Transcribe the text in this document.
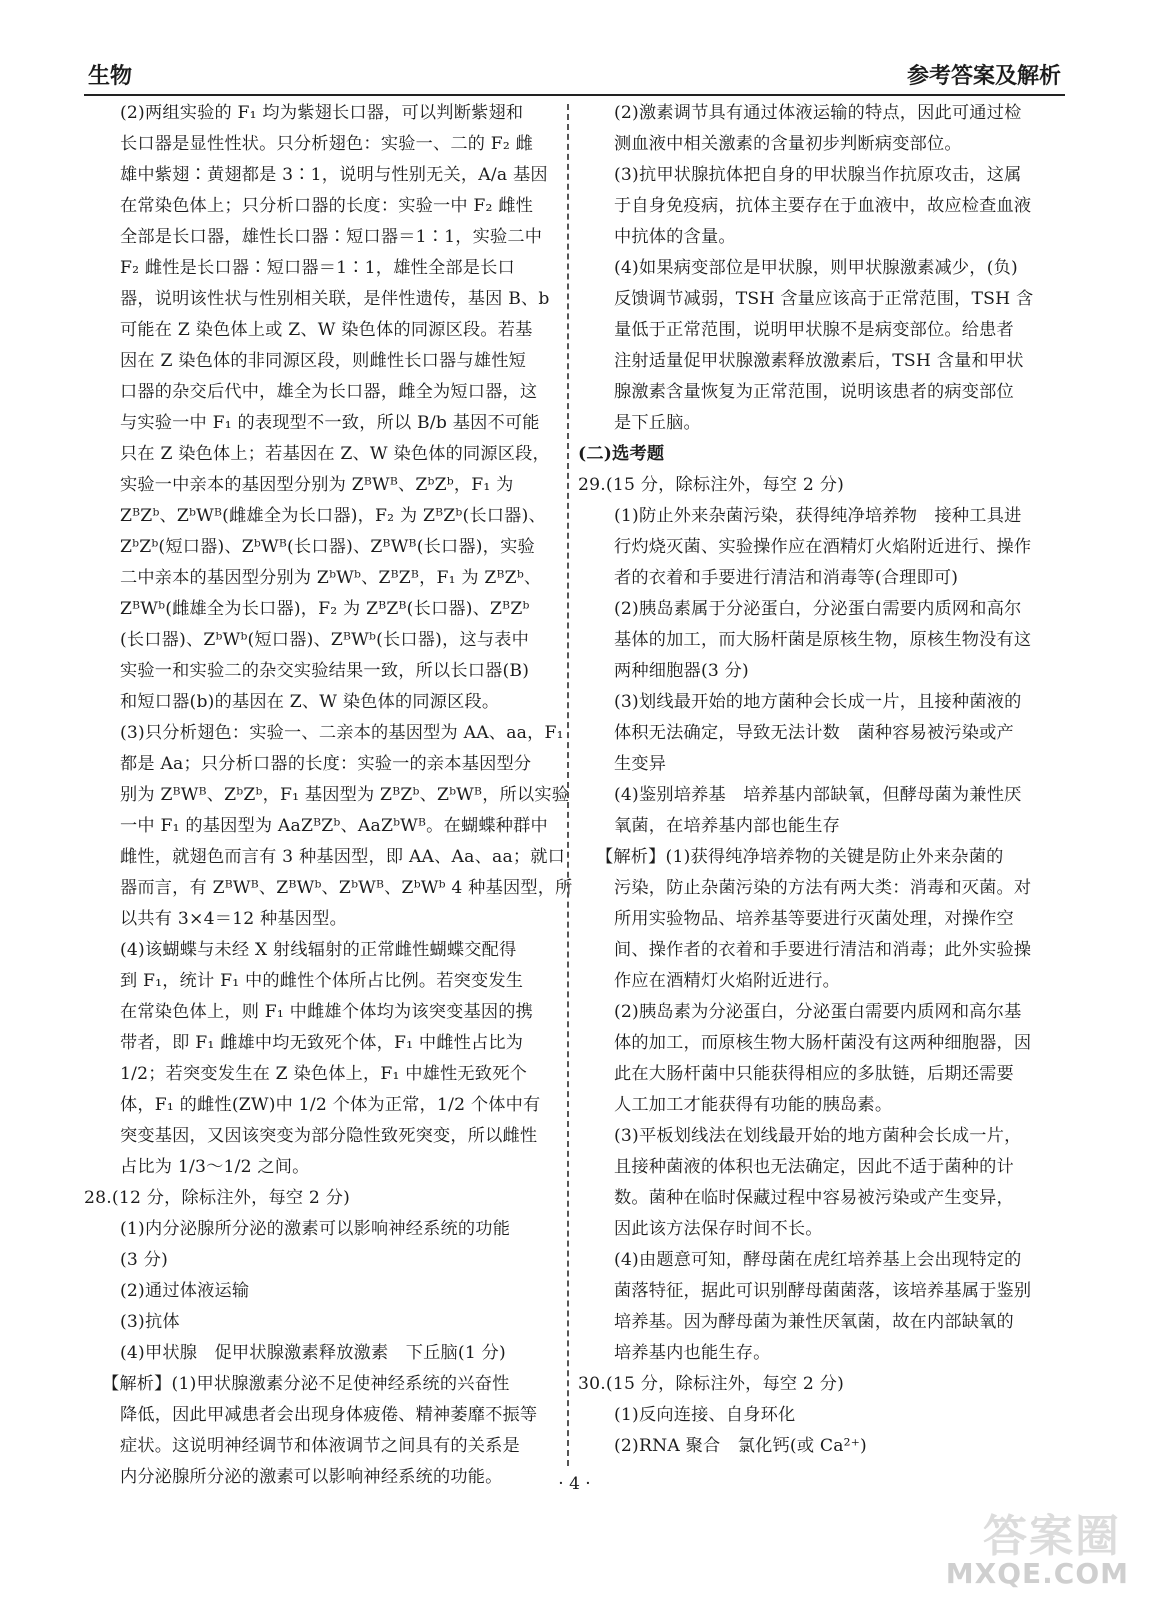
生物	参考答案及解析
(2)两组实验的 F₁ 均为紫翅长口器，可以判断紫翅和
长口器是显性性状。只分析翅色：实验一、二的 F₂ 雌
雄中紫翅∶黄翅都是 3∶1，说明与性别无关，A/a 基因
在常染色体上；只分析口器的长度：实验一中 F₂ 雌性
全部是长口器，雄性长口器∶短口器＝1∶1，实验二中
F₂ 雌性是长口器∶短口器＝1∶1，雄性全部是长口
器，说明该性状与性别相关联，是伴性遗传，基因 B、b
可能在 Z 染色体上或 Z、W 染色体的同源区段。若基
因在 Z 染色体的非同源区段，则雌性长口器与雄性短
口器的杂交后代中，雄全为长口器，雌全为短口器，这
与实验一中 F₁ 的表现型不一致，所以 B/b 基因不可能
只在 Z 染色体上；若基因在 Z、W 染色体的同源区段，
实验一中亲本的基因型分别为 ZᴮWᴮ、ZᵇZᵇ，F₁ 为
ZᴮZᵇ、ZᵇWᴮ(雌雄全为长口器)，F₂ 为 ZᴮZᵇ(长口器)、
ZᵇZᵇ(短口器)、ZᵇWᴮ(长口器)、ZᴮWᴮ(长口器)，实验
二中亲本的基因型分别为 ZᵇWᵇ、ZᴮZᴮ，F₁ 为 ZᴮZᵇ、
ZᴮWᵇ(雌雄全为长口器)，F₂ 为 ZᴮZᴮ(长口器)、ZᴮZᵇ
(长口器)、ZᵇWᵇ(短口器)、ZᴮWᵇ(长口器)，这与表中
实验一和实验二的杂交实验结果一致，所以长口器(B)
和短口器(b)的基因在 Z、W 染色体的同源区段。
(3)只分析翅色：实验一、二亲本的基因型为 AA、aa，F₁
都是 Aa；只分析口器的长度：实验一的亲本基因型分
别为 ZᴮWᴮ、ZᵇZᵇ，F₁ 基因型为 ZᴮZᵇ、ZᵇWᴮ，所以实验
一中 F₁ 的基因型为 AaZᴮZᵇ、AaZᵇWᴮ。在蝴蝶种群中
雌性，就翅色而言有 3 种基因型，即 AA、Aa、aa；就口
器而言，有 ZᴮWᴮ、ZᴮWᵇ、ZᵇWᴮ、ZᵇWᵇ 4 种基因型，所
以共有 3×4＝12 种基因型。
(4)该蝴蝶与未经 X 射线辐射的正常雌性蝴蝶交配得
到 F₁，统计 F₁ 中的雌性个体所占比例。若突变发生
在常染色体上，则 F₁ 中雌雄个体均为该突变基因的携
带者，即 F₁ 雌雄中均无致死个体，F₁ 中雌性占比为
1/2；若突变发生在 Z 染色体上，F₁ 中雄性无致死个
体，F₁ 的雌性(ZW)中 1/2 个体为正常，1/2 个体中有
突变基因，又因该突变为部分隐性致死突变，所以雌性
占比为 1/3～1/2 之间。
28.(12 分，除标注外，每空 2 分)
(1)内分泌腺所分泌的激素可以影响神经系统的功能
(3 分)
(2)通过体液运输
(3)抗体
(4)甲状腺　促甲状腺激素释放激素　下丘脑(1 分)
【解析】(1)甲状腺激素分泌不足使神经系统的兴奋性
降低，因此甲减患者会出现身体疲倦、精神萎靡不振等
症状。这说明神经调节和体液调节之间具有的关系是
内分泌腺所分泌的激素可以影响神经系统的功能。
(2)激素调节具有通过体液运输的特点，因此可通过检
测血液中相关激素的含量初步判断病变部位。
(3)抗甲状腺抗体把自身的甲状腺当作抗原攻击，这属
于自身免疫病，抗体主要存在于血液中，故应检查血液
中抗体的含量。
(4)如果病变部位是甲状腺，则甲状腺激素减少，(负)
反馈调节减弱，TSH 含量应该高于正常范围，TSH 含
量低于正常范围，说明甲状腺不是病变部位。给患者
注射适量促甲状腺激素释放激素后，TSH 含量和甲状
腺激素含量恢复为正常范围，说明该患者的病变部位
是下丘脑。
(二)选考题
29.(15 分，除标注外，每空 2 分)
(1)防止外来杂菌污染，获得纯净培养物　接种工具进
行灼烧灭菌、实验操作应在酒精灯火焰附近进行、操作
者的衣着和手要进行清洁和消毒等(合理即可)
(2)胰岛素属于分泌蛋白，分泌蛋白需要内质网和高尔
基体的加工，而大肠杆菌是原核生物，原核生物没有这
两种细胞器(3 分)
(3)划线最开始的地方菌种会长成一片，且接种菌液的
体积无法确定，导致无法计数　菌种容易被污染或产
生变异
(4)鉴别培养基　培养基内部缺氧，但酵母菌为兼性厌
氧菌，在培养基内部也能生存
【解析】(1)获得纯净培养物的关键是防止外来杂菌的
污染，防止杂菌污染的方法有两大类：消毒和灭菌。对
所用实验物品、培养基等要进行灭菌处理，对操作空
间、操作者的衣着和手要进行清洁和消毒；此外实验操
作应在酒精灯火焰附近进行。
(2)胰岛素为分泌蛋白，分泌蛋白需要内质网和高尔基
体的加工，而原核生物大肠杆菌没有这两种细胞器，因
此在大肠杆菌中只能获得相应的多肽链，后期还需要
人工加工才能获得有功能的胰岛素。
(3)平板划线法在划线最开始的地方菌种会长成一片，
且接种菌液的体积也无法确定，因此不适于菌种的计
数。菌种在临时保藏过程中容易被污染或产生变异，
因此该方法保存时间不长。
(4)由题意可知，酵母菌在虎红培养基上会出现特定的
菌落特征，据此可识别酵母菌菌落，该培养基属于鉴别
培养基。因为酵母菌为兼性厌氧菌，故在内部缺氧的
培养基内也能生存。
30.(15 分，除标注外，每空 2 分)
(1)反向连接、自身环化
(2)RNA 聚合　氯化钙(或 Ca²⁺)
· 4 ·
答案圈
MXQE.COM
